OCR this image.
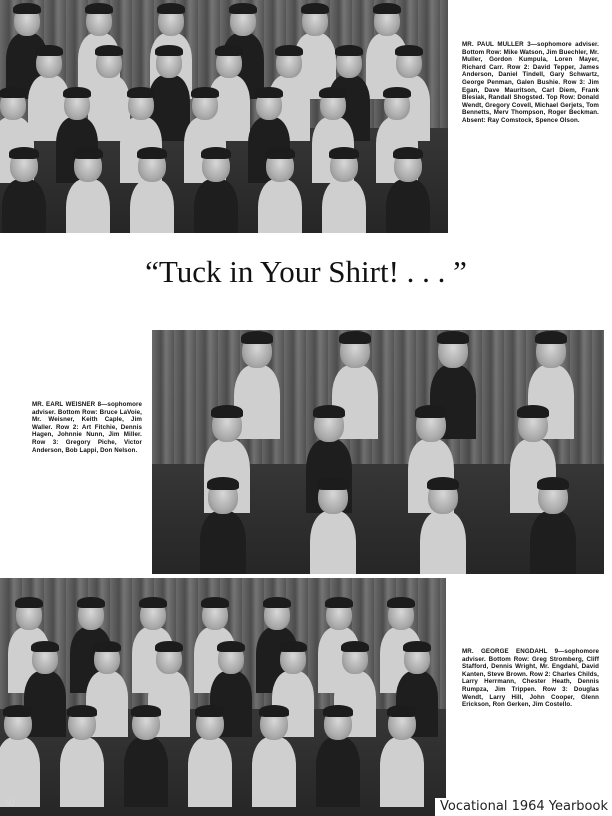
MR. PAUL MULLER 3—sophomore adviser. Bottom Row: Mike Watson, Jim Buechler, Mr. Muller, Gordon Kumpula, Loren Mayer, Richard Carr. Row 2: David Tepper, James Anderson, Daniel Tindell, Gary Schwartz, George Penman, Galen Bushie. Row 3: Jim Egan, Dave Mauritson, Carl Diem, Frank Blesiak, Randall Shogsted. Top Row: Donald Wendt, Gregory Covell, Michael Gerjets, Tom Bennetts, Merv Thompson, Roger Beckman. Absent: Ray Comstock, Spence Olson.
“Tuck in Your Shirt! . . . ”
MR. EARL WEISNER 8—sophomore adviser. Bottom Row: Bruce LaVoie, Mr. Weisner, Keith Caple, Jim Waller. Row 2: Art Fitchie, Dennis Hagen, Johnnie Nunn, Jim Miller. Row 3: Gregory Piche, Victor Anderson, Bob Lappi, Don Nelson.
MR. GEORGE ENGDAHL 9—sophomore adviser. Bottom Row: Greg Stromberg, Cliff Stafford, Dennis Wright, Mr. Engdahl, David Kanten, Steve Brown. Row 2: Charles Childs, Larry Herrmann, Chester Heath, Dennis Rumpza, Jim Trippen. Row 3: Douglas Wendt, Larry Hill, John Cooper, Glenn Erickson, Ron Gerken, Jim Costello.
92	Vocational 1964 Yearbook
